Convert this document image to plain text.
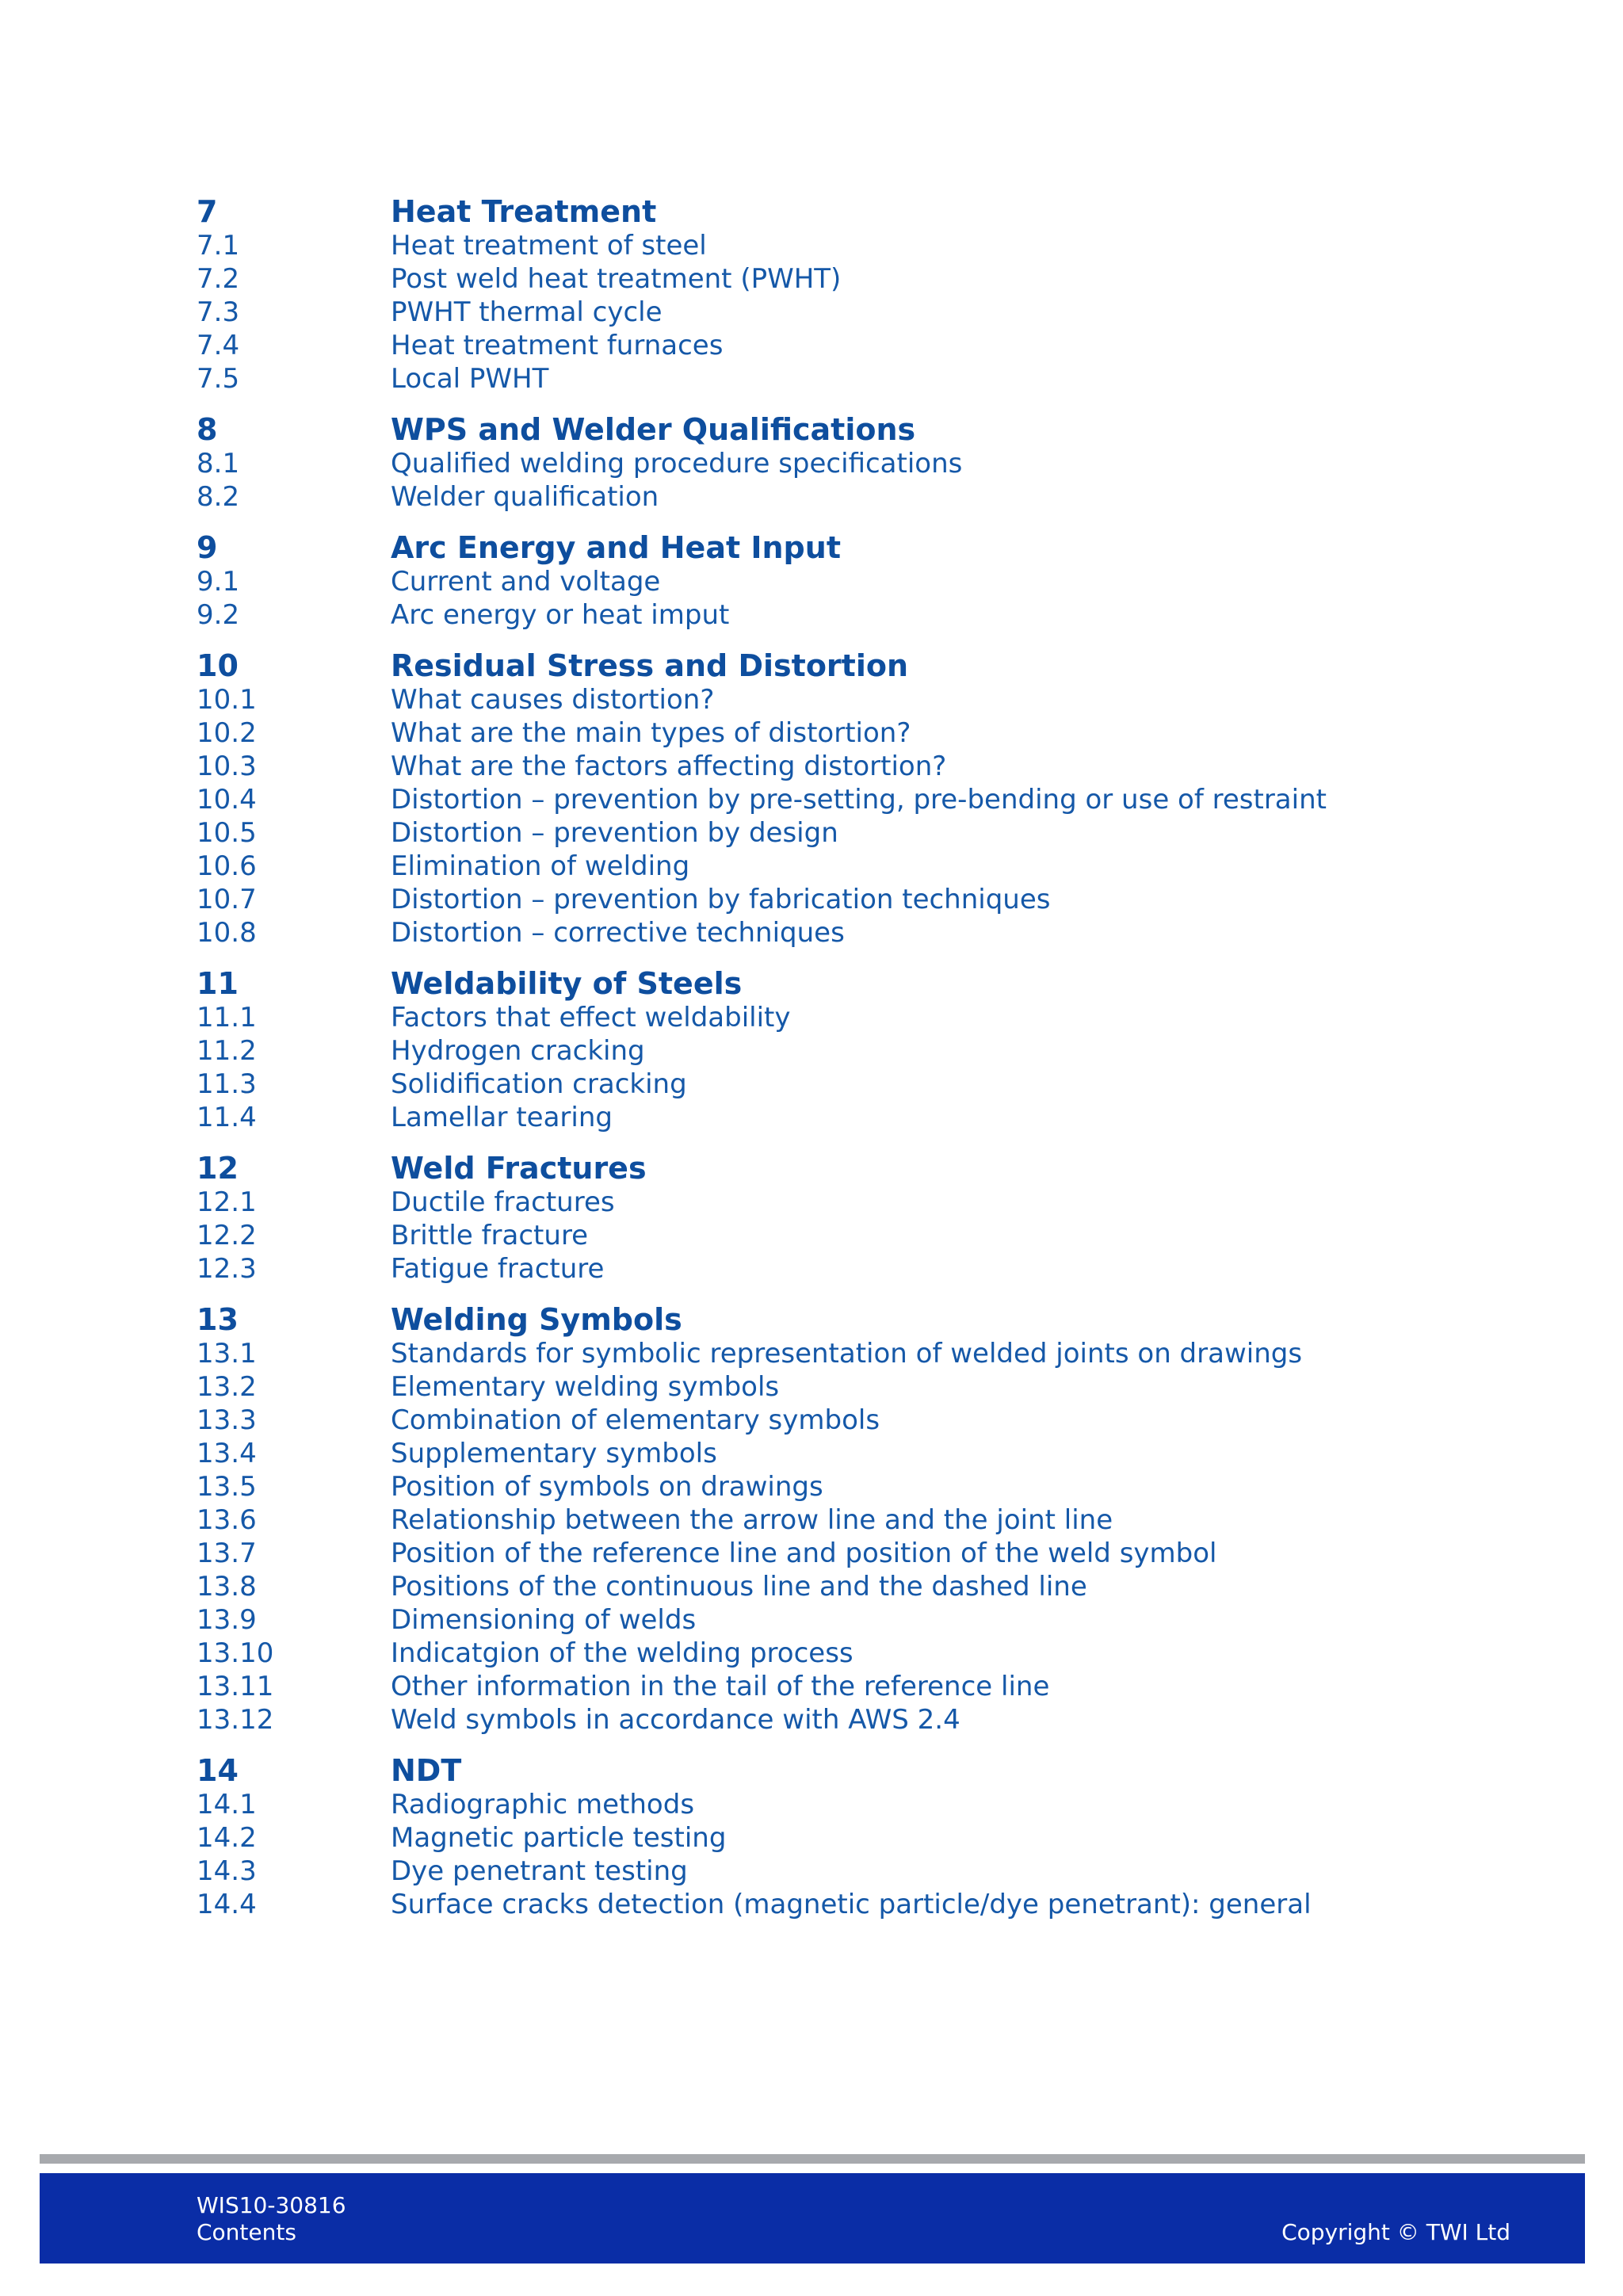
7	Heat Treatment
7.1	Heat treatment of steel
7.2	Post weld heat treatment (PWHT)
7.3	PWHT thermal cycle
7.4	Heat treatment furnaces
7.5	Local PWHT
8	WPS and Welder Qualifications
8.1	Qualified welding procedure specifications
8.2	Welder qualification
9	Arc Energy and Heat Input
9.1	Current and voltage
9.2	Arc energy or heat imput
10	Residual Stress and Distortion
10.1	What causes distortion?
10.2	What are the main types of distortion?
10.3	What are the factors affecting distortion?
10.4	Distortion – prevention by pre-setting, pre-bending or use of restraint
10.5	Distortion – prevention by design
10.6	Elimination of welding
10.7	Distortion – prevention by fabrication techniques
10.8	Distortion – corrective techniques
11	Weldability of Steels
11.1	Factors that effect weldability
11.2	Hydrogen cracking
11.3	Solidification cracking
11.4	Lamellar tearing
12	Weld Fractures
12.1	Ductile fractures
12.2	Brittle fracture
12.3	Fatigue fracture
13	Welding Symbols
13.1	Standards for symbolic representation of welded joints on drawings
13.2	Elementary welding symbols
13.3	Combination of elementary symbols
13.4	Supplementary symbols
13.5	Position of symbols on drawings
13.6	Relationship between the arrow line and the joint line
13.7	Position of the reference line and position of the weld symbol
13.8	Positions of the continuous line and the dashed line
13.9	Dimensioning of welds
13.10	Indicatgion of the welding process
13.11	Other information in the tail of the reference line
13.12	Weld symbols in accordance with AWS 2.4
14	NDT
14.1	Radiographic methods
14.2	Magnetic particle testing
14.3	Dye penetrant testing
14.4	Surface cracks detection (magnetic particle/dye penetrant): general
WIS10-30816
Contents	Copyright © TWI Ltd
